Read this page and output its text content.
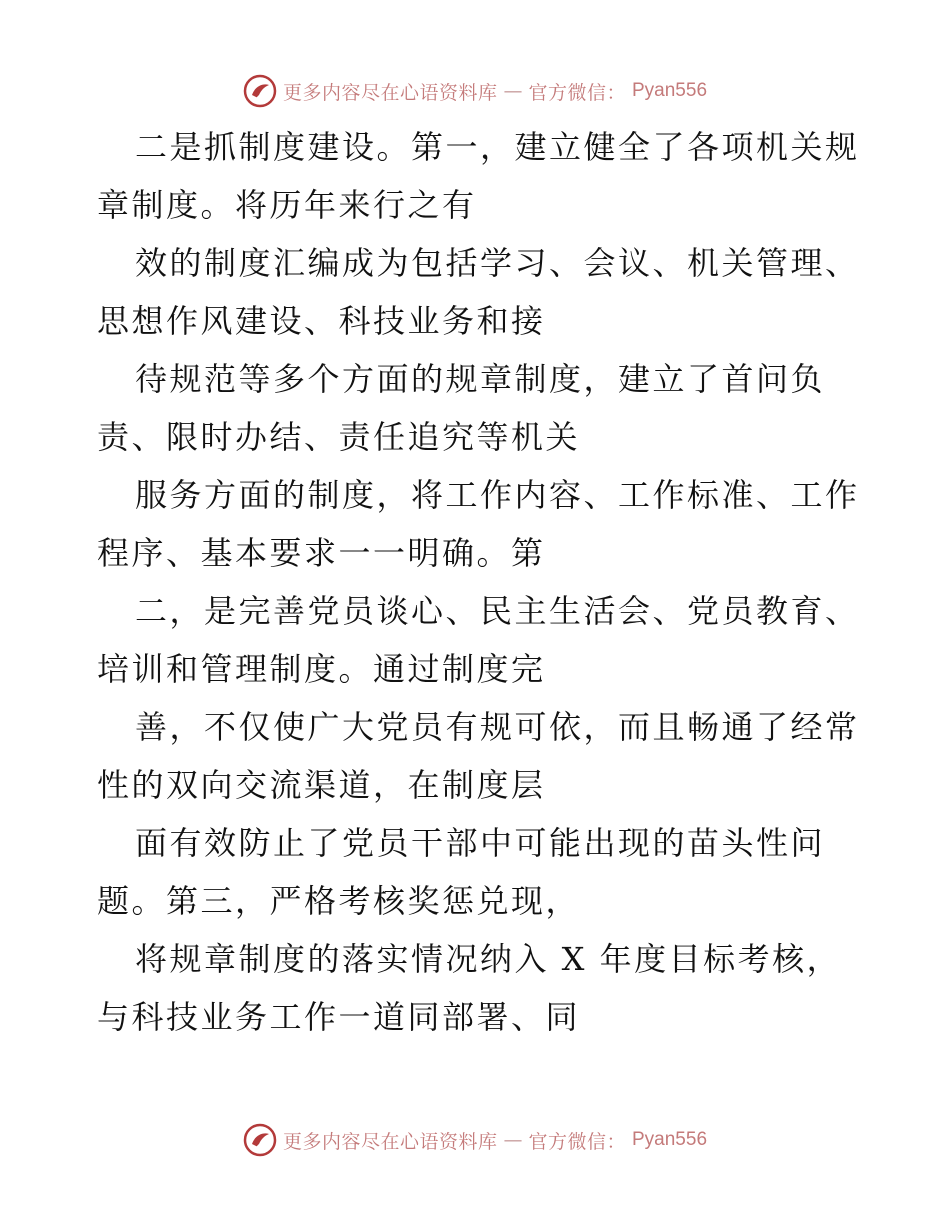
更多内容尽在心语资料库 — 官方微信： Pyan556
二是抓制度建设。第一，建立健全了各项机关规
章制度。将历年来行之有
效的制度汇编成为包括学习、会议、机关管理、
思想作风建设、科技业务和接
待规范等多个方面的规章制度，建立了首问负
责、限时办结、责任追究等机关
服务方面的制度，将工作内容、工作标准、工作
程序、基本要求一一明确。第
二，是完善党员谈心、民主生活会、党员教育、
培训和管理制度。通过制度完
善，不仅使广大党员有规可依，而且畅通了经常
性的双向交流渠道，在制度层
面有效防止了党员干部中可能出现的苗头性问
题。第三，严格考核奖惩兑现，
将规章制度的落实情况纳入 X 年度目标考核，
与科技业务工作一道同部署、同
更多内容尽在心语资料库 — 官方微信： Pyan556
